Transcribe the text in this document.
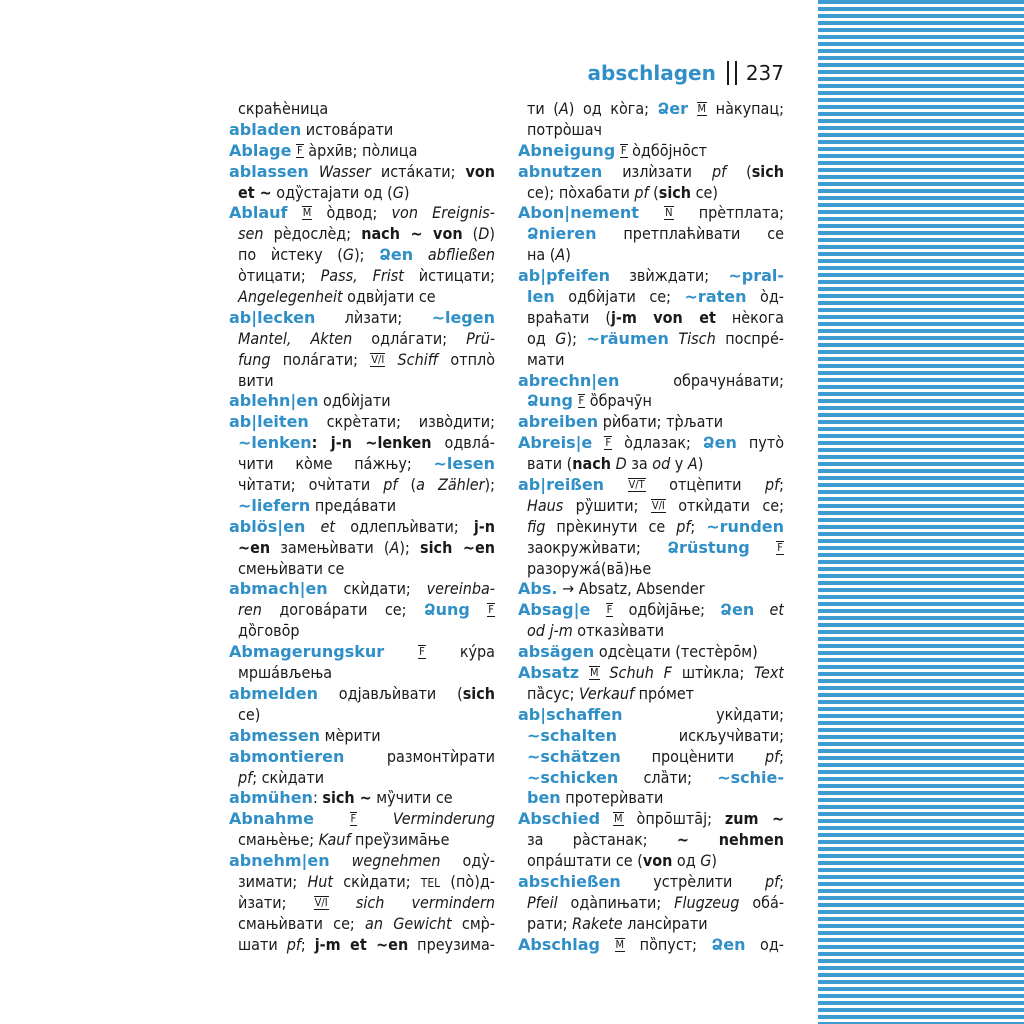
abschlagen 237
скраћѐница
abladen истова́рати
Ablage F а̀рхӣв; по̀лица
ablassen Wasser иста́кати; von
et ~ оду̏стајати од (G)
Ablauf M о̀двод; von Ereignis-
sen рѐдослѐд; nach ~ von (D)
по ѝстеку (G); Ձen abfließen
о̀тицати; Pass, Frist ѝстицати;
Angelegenheit одвѝјати се
ab|lecken лѝзати; ~legen
Mantel, Akten одла́гати; Prü-
fung пола́гати; V/I Schiff отпло̀
вити
ablehn|en одбѝјати
ab|leiten скрѐтати; изво̀дити;
~lenken: j-n ~lenken одвла́-
чити ко̀ме па́жњу; ~lesen
чѝтати; очѝтати pf (a Zähler);
~liefern преда́вати
ablös|en et одлепљѝвати; j-n
~en замењѝвати (A); sich ~en
смењѝвати се
abmach|en скѝдати; vereinba-
ren догова́рати се; Ձung F
до̏гово̄р
Abmagerungskur	F ку́ра
мрша́вљења
abmelden одјављѝвати (sich
се)
abmessen мѐрити
abmontieren размонтѝрати
pf; скѝдати
abmühen: sich ~ му̏чити се
Abnahme	F Verminderung
смањѐње; Kauf преу̏зима̄ње
abnehm|en wegnehmen оду̀-
зимати; Hut скѝдати; TEL (по̀)д-
ѝзати; V/I sich vermindern
смањѝвати се; an Gewicht смр̀-
шати pf; j-m et ~en преузима-
ти (A) од ко̀га; Ձer M на̀купац;
потро̀шач
Abneigung F о̀дбо̄јно̄ст
abnutzen излѝзати pf (sich
се); по̀хабати pf (sich се)
Abon|nement N прѐтплата;
Ձnieren претплаћѝвати се
на (A)
ab|pfeifen звѝждати; ~pral-
len одбѝјати се; ~raten о̀д-
враћати (j-m von et нѐкога
од G); ~räumen Tisch поспре́-
мати
abrechn|en обрачуна́вати;
Ձung F о̏брачӯн
abreiben рѝбати; тр̀љати
Abreis|e F о̀длазак; Ձen путо̀
вати (nach D за od у A)
ab|reißen V/T отцѐпити pf;
Haus ру̏шити; V/I откѝдати се;
fig прѐкинути се pf; ~runden
заокружѝвати; Ձrüstung	F
разоружа́(ва̄)ње
Abs. → Absatz, Absender
Absag|e F одбѝја̄ње; Ձen et
od j-m отказѝвати
absägen одсѐцати (тестѐро̄м)
Absatz M Schuh F штѝкла; Text
па̏сус; Verkauf про́мет
ab|schaffen укѝдати;
~schalten искључѝвати;
~schätzen процѐнити pf;
~schicken сла̏ти; ~schie-
ben протерѝвати
Abschied M о̀про̄шта̄ј; zum ~
за ра̀станак; ~ nehmen
опра́штати се (von од G)
abschießen устрѐлити pf;
Pfeil ода̀пињати; Flugzeug оба́-
рати; Rakete лансѝрати
Abschlag M по̏пуст; Ձen од-
